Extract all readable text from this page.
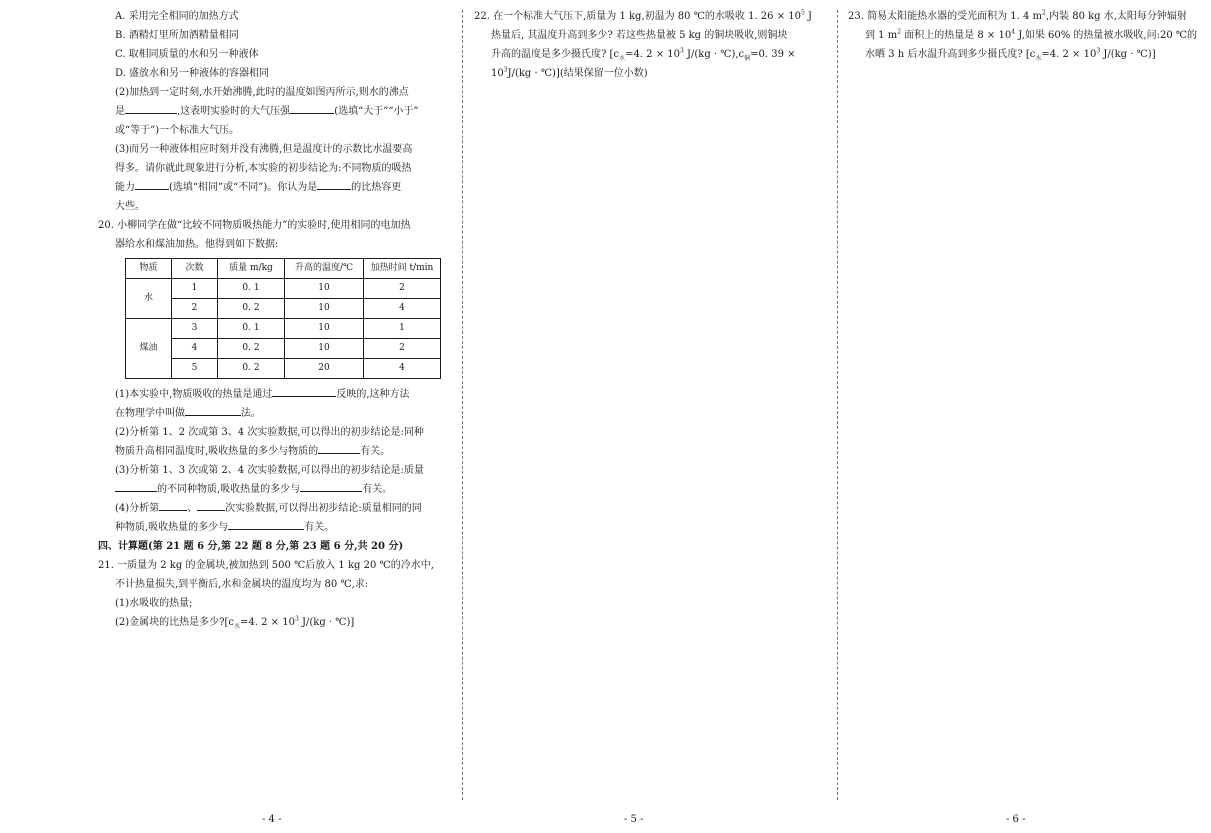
A. 采用完全相同的加热方式
B. 酒精灯里所加酒精量相同
C. 取相同质量的水和另一种液体
D. 盛放水和另一种液体的容器相同
(2)加热到一定时刻,水开始沸腾,此时的温度如图丙所示,则水的沸点
是	,这表明实验时的大气压强	(选填“大于”“小于”
或“等于”)一个标准大气压。
(3)而另一种液体相应时刻并没有沸腾,但是温度计的示数比水温要高
得多。请你就此现象进行分析,本实验的初步结论为:不同物质的吸热
能力	(选填“相同”或“不同”)。你认为是	的比热容更
大些。
20. 小柳同学在做“比较不同物质吸热能力”的实验时,使用相同的电加热
器给水和煤油加热。他得到如下数据:
物质	次数	质量 m/kg	升高的温度/℃	加热时间 t/min
水	1	0. 1	10	2
	2	0. 2	10	4
煤油	3	0. 1	10	1
	4	0. 2	10	2
	5	0. 2	20	4
(1)本实验中,物质吸收的热量是通过	反映的,这种方法
在物理学中叫做	法。
(2)分析第 1、2 次或第 3、4 次实验数据,可以得出的初步结论是:同种
物质升高相同温度时,吸收热量的多少与物质的	有关。
(3)分析第 1、3 次或第 2、4 次实验数据,可以得出的初步结论是:质量
的不同种物质,吸收热量的多少与	有关。
(4)分析第	、	次实验数据,可以得出初步结论:质量相同的同
种物质,吸收热量的多少与	有关。
四、计算题(第 21 题 6 分,第 22 题 8 分,第 23 题 6 分,共 20 分)
21. 一质量为 2 kg 的金属块,被加热到 500 ℃后放入 1 kg 20 ℃的冷水中,
不计热量损失,到平衡后,水和金属块的温度均为 80 ℃,求:
(1)水吸收的热量;
(2)金属块的比热是多少$?[c_水=4$. $2 \times 10^3$ J/(kg · ℃)]
22. 在一个标准大气压下,质量为 1 kg,初温为 80 ℃的水吸收 1. $26 \times 10^5$ J
热量后, 其温度升高到多少? 若这些热量被 5 kg 的铜块吸收,则铜块
升高的温度是多少摄氏度? [$c_水=4$. $2 \times 10^3$ $J/(kg \cdot ℃),c_铜=0$. 39 ×
$10^3J/(kg$ · ℃)](结果保留一位小数)
23. 简易太阳能热水器的受光面积为 1. 4 $m^2$,内装 80 kg 水,太阳每分钟辐射
到 1 $m^2$ 面积上的热量是 $8 \times 10^4$ J,如果 60% 的热量被水吸收,问:20 ℃的
水晒 3 h 后水温升高到多少摄氏度? [$c_水=4$. $2 \times 10^3$ J/(kg · ℃)]
- 4 -	- 5 -	- 6 -
